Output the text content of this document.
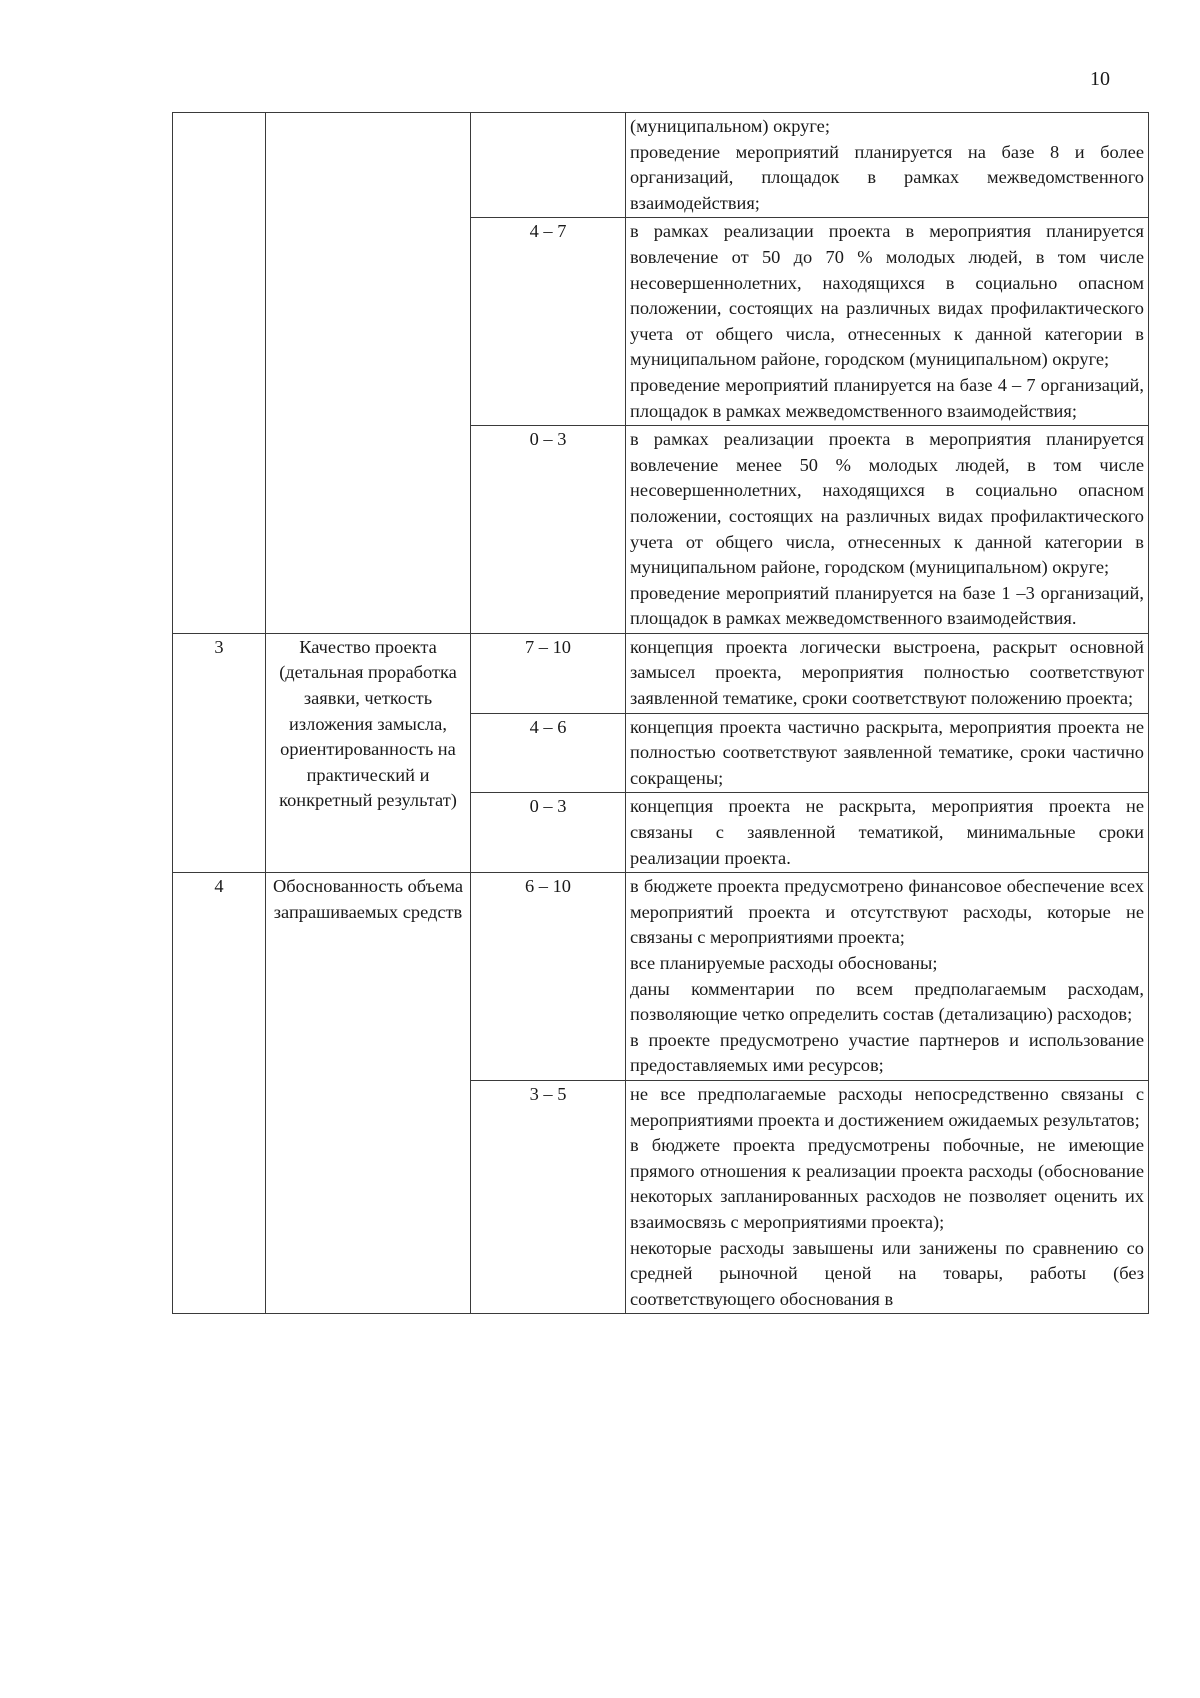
10

			(муниципальном) округе;
проведение мероприятий планируется на базе 8 и более организаций, площадок в рамках межведомственного взаимодействия;

		4 – 7	в рамках реализации проекта в мероприятия планируется вовлечение от 50 до 70 % молодых людей, в том числе несовершеннолетних, находящихся в социально опасном положении, состоящих на различных видах профилактического учета от общего числа, отнесенных к данной категории в муниципальном районе, городском (муниципальном) округе;
проведение мероприятий планируется на базе 4 – 7 организаций, площадок в рамках межведомственного взаимодействия;

		0 – 3	в рамках реализации проекта в мероприятия планируется вовлечение менее 50 % молодых людей, в том числе несовершеннолетних, находящихся в социально опасном положении, состоящих на различных видах профилактического учета от общего числа, отнесенных к данной категории в муниципальном районе, городском (муниципальном) округе;
проведение мероприятий планируется на базе 1 –3 организаций, площадок в рамках межведомственного взаимодействия.

3	Качество проекта (детальная проработка заявки, четкость изложения замысла, ориентированность на практический и конкретный результат)	7 – 10	концепция проекта логически выстроена, раскрыт основной замысел проекта, мероприятия полностью соответствуют заявленной тематике, сроки соответствуют положению проекта;

		4 – 6	концепция проекта частично раскрыта, мероприятия проекта не полностью соответствуют заявленной тематике, сроки частично сокращены;

		0 – 3	концепция проекта не раскрыта, мероприятия проекта не связаны с заявленной тематикой, минимальные сроки реализации проекта.

4	Обоснованность объема запрашиваемых средств	6 – 10	в бюджете проекта предусмотрено финансовое обеспечение всех мероприятий проекта и отсутствуют расходы, которые не связаны с мероприятиями проекта;
все планируемые расходы обоснованы;
даны комментарии по всем предполагаемым расходам, позволяющие четко определить состав (детализацию) расходов;
в проекте предусмотрено участие партнеров и использование предоставляемых ими ресурсов;

		3 – 5	не все предполагаемые расходы непосредственно связаны с мероприятиями проекта и достижением ожидаемых результатов;
в бюджете проекта предусмотрены побочные, не имеющие прямого отношения к реализации проекта расходы (обоснование некоторых запланированных расходов не позволяет оценить их взаимосвязь с мероприятиями проекта);
некоторые расходы завышены или занижены по сравнению со средней рыночной ценой на товары, работы (без соответствующего обоснования в
